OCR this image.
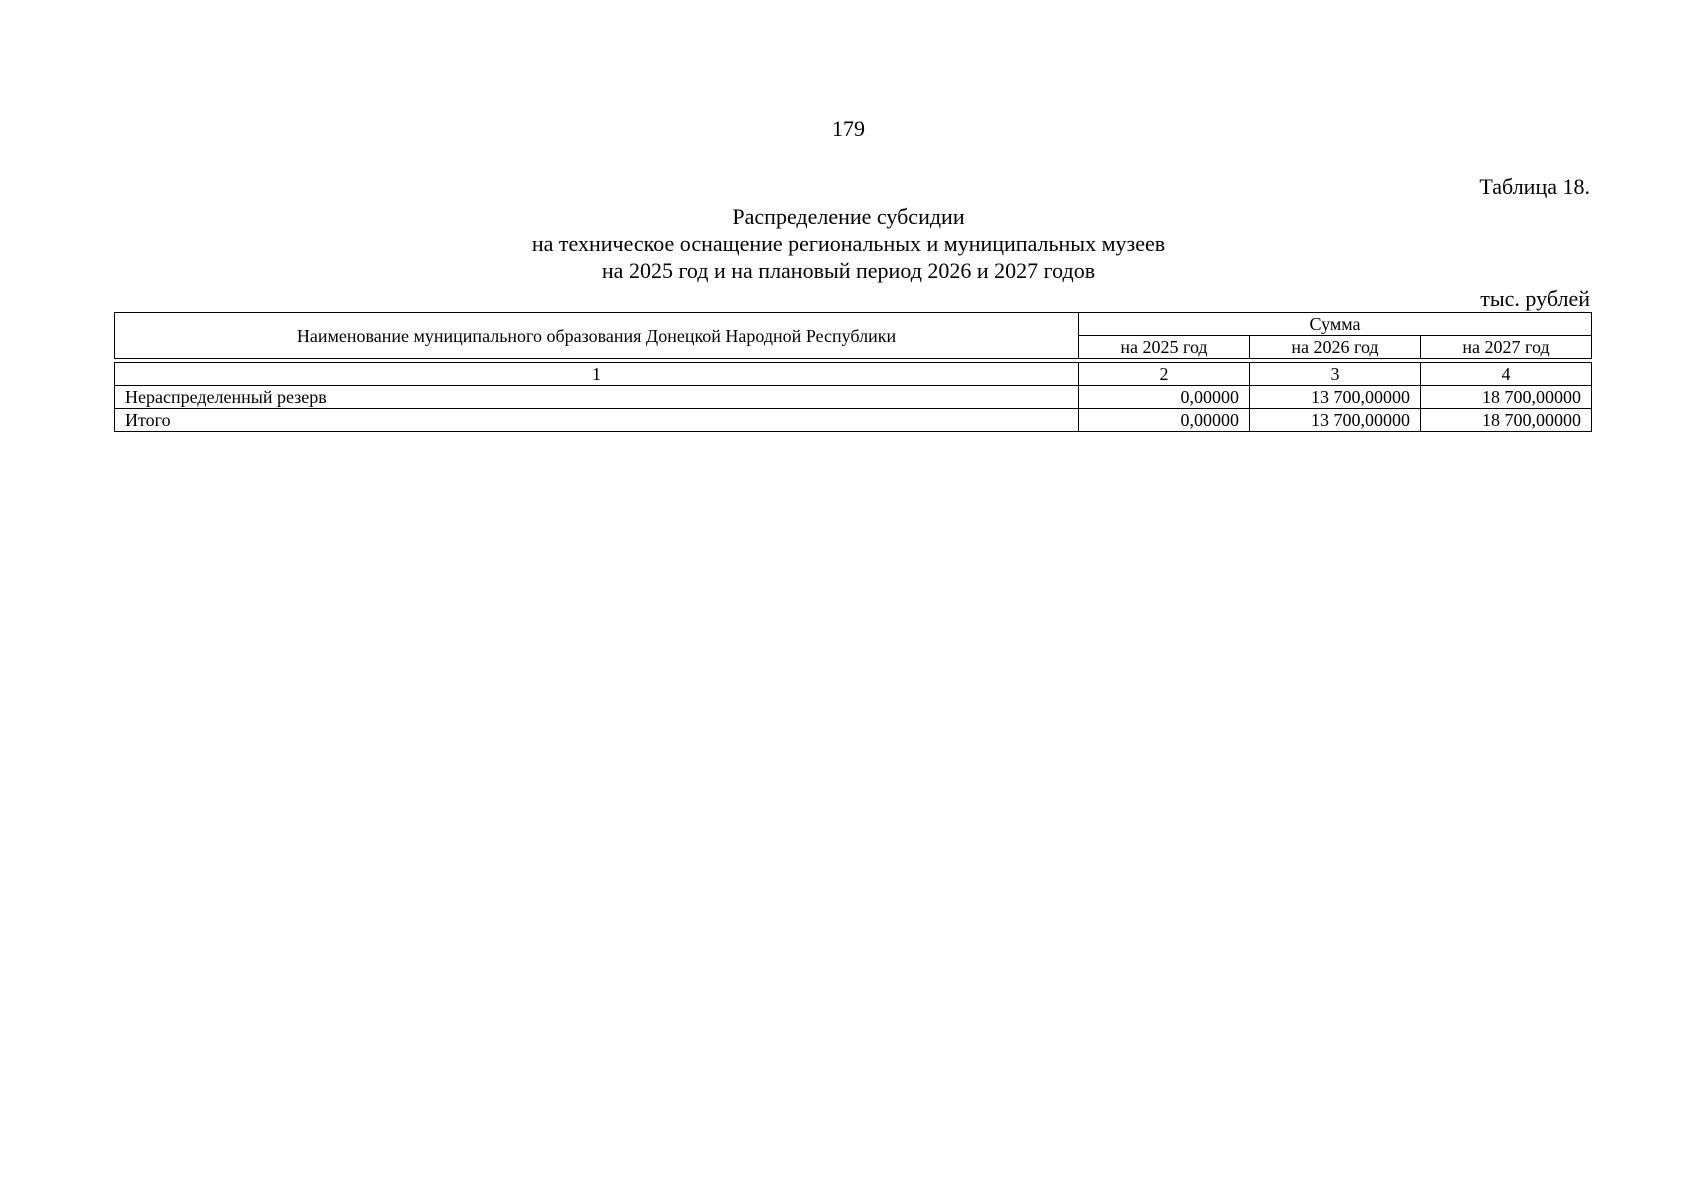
179
Таблица 18.
Распределение субсидии
на техническое оснащение региональных и муниципальных музеев
на 2025 год и на плановый период 2026 и 2027 годов
тыс. рублей
Наименование муниципального образования Донецкой Народной Республики	Сумма		
	на 2025 год	на 2026 год	на 2027 год

1	2	3	4
Нераспределенный резерв	0,00000	13 700,00000	18 700,00000
Итого	0,00000	13 700,00000	18 700,00000
